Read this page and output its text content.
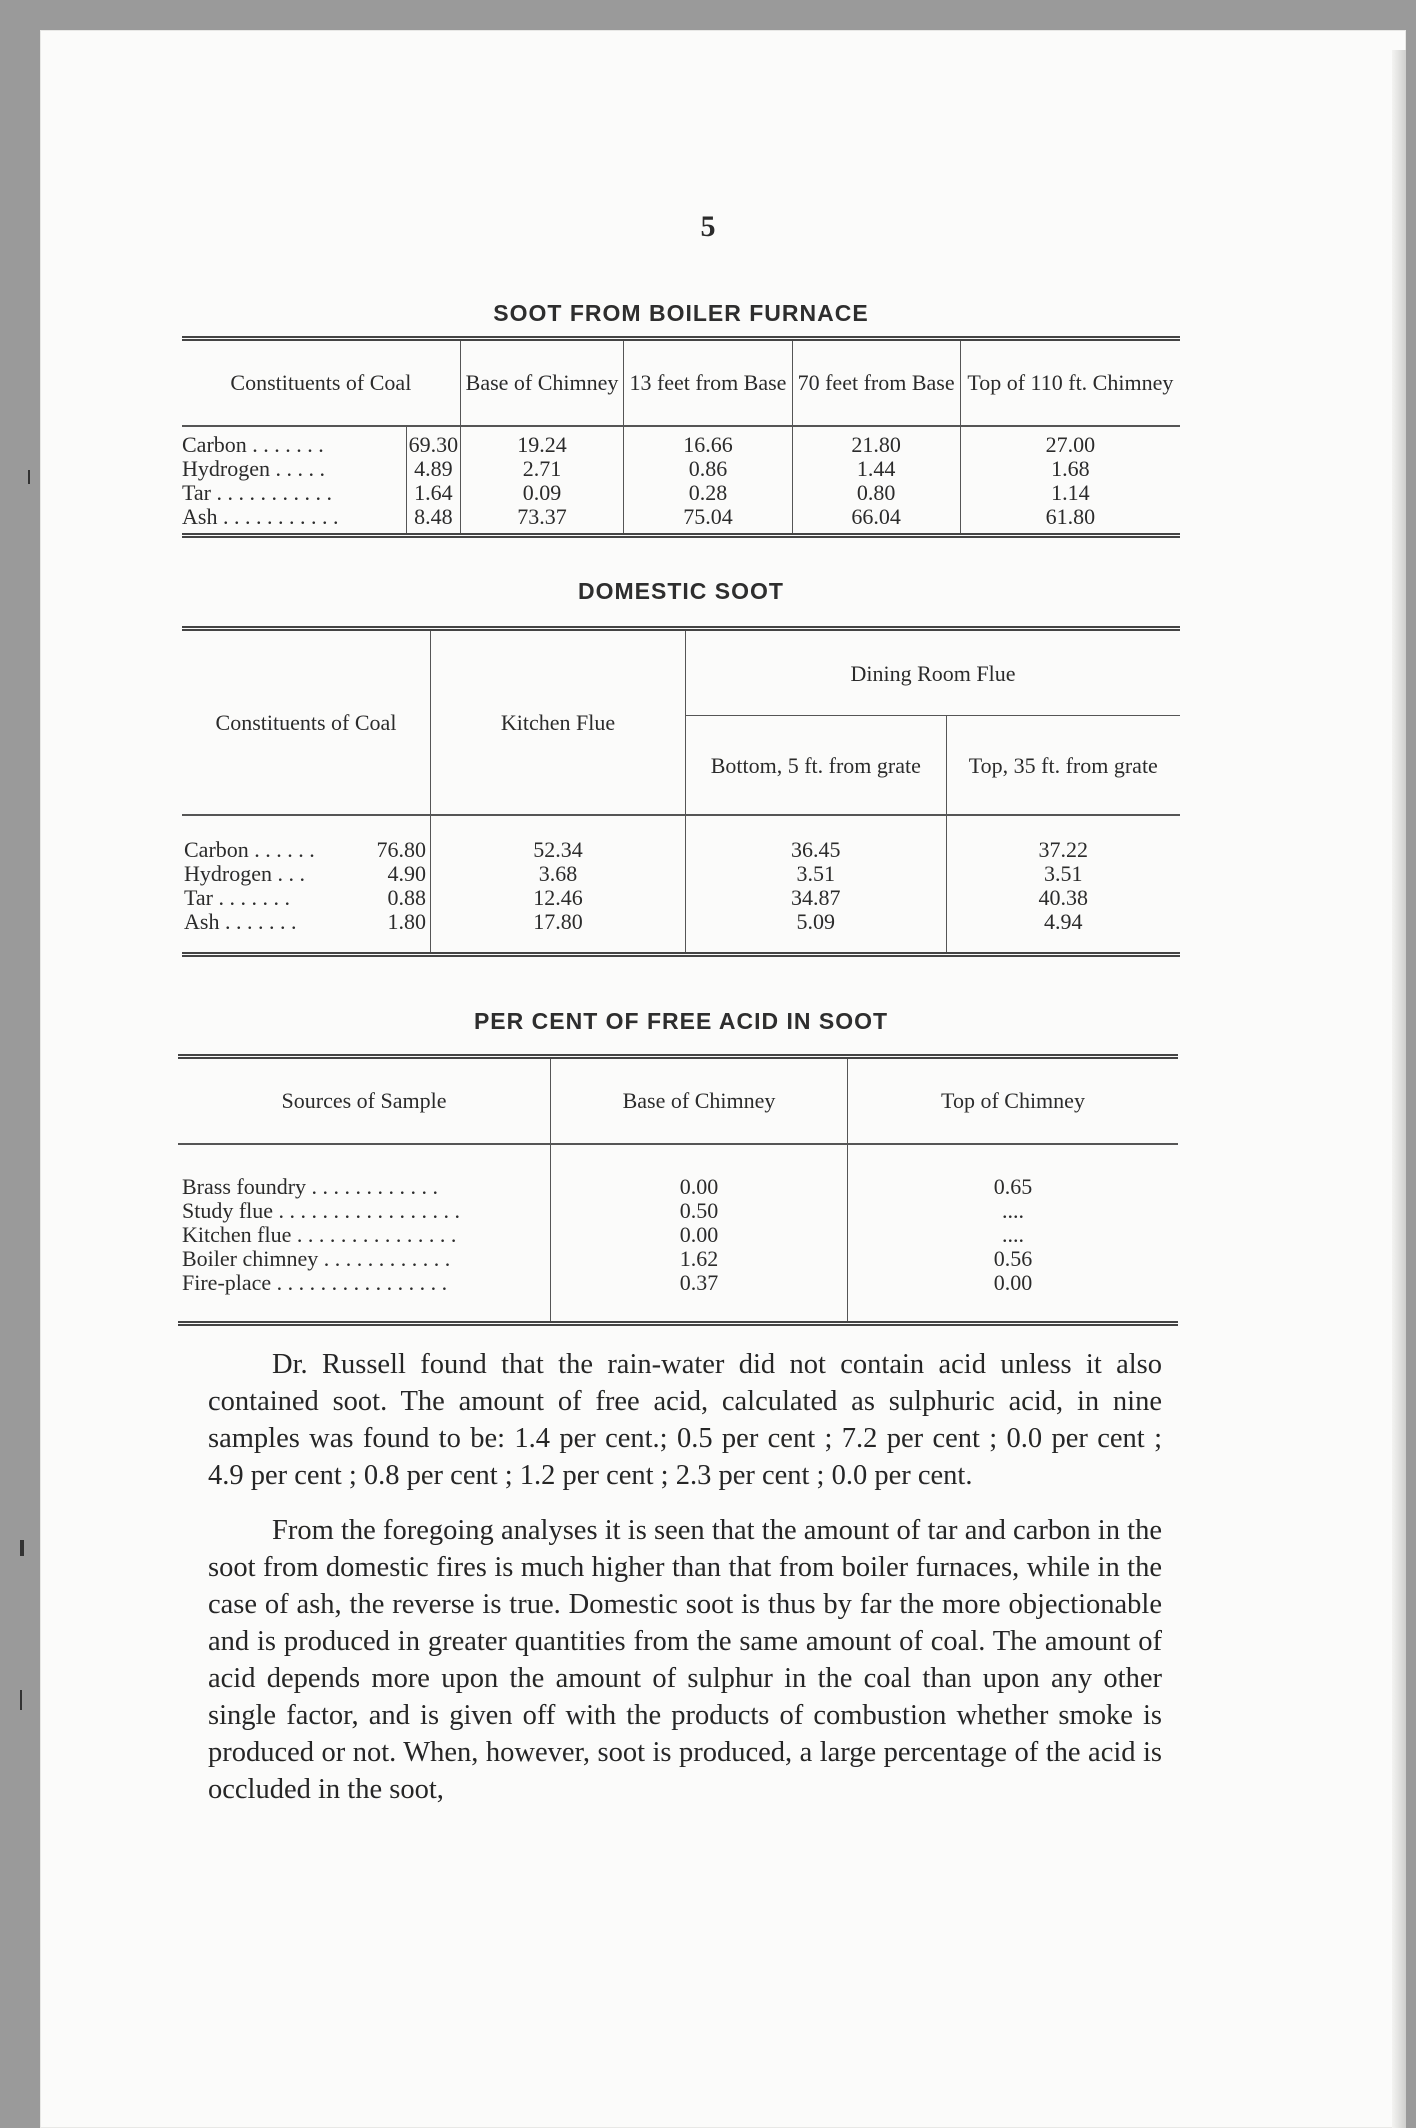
5
SOOT FROM BOILER FURNACE
Constituents of Coal		Base of Chimney	13 feet from Base	70 feet from Base	Top of 110 ft. Chimney
Carbon . . . . . . .	69.30	19.24	16.66	21.80	27.00
Hydrogen . . . . .	4.89	2.71	0.86	1.44	1.68
Tar . . . . . . . . . . .	1.64	0.09	0.28	0.80	1.14
Ash . . . . . . . . . . .	8.48	73.37	75.04	66.04	61.80
DOMESTIC SOOT
Constituents of Coal	Kitchen Flue	Dining Room Flue	
		Bottom, 5 ft. from grate	Top, 35 ft. from grate
Carbon . . . . . . 76.80	52.34	36.45	37.22
Hydrogen . . . 4.90	3.68	3.51	3.51
Tar . . . . . . . 0.88	12.46	34.87	40.38
Ash . . . . . . . 1.80	17.80	5.09	4.94
PER CENT OF FREE ACID IN SOOT
Sources of Sample	Base of Chimney	Top of Chimney
Brass foundry . . . . . . . . . . . .	0.00	0.65
Study flue . . . . . . . . . . . . . . . . .	0.50	....
Kitchen flue . . . . . . . . . . . . . . .	0.00	....
Boiler chimney . . . . . . . . . . . .	1.62	0.56
Fire-place . . . . . . . . . . . . . . . .	0.37	0.00

Dr. Russell found that the rain-water did not contain acid unless it also contained soot. The amount of free acid, calculated as sulphuric acid, in nine samples was found to be: 1.4 per cent.; 0.5 per cent ; 7.2 per cent ; 0.0 per cent ; 4.9 per cent ; 0.8 per cent ; 1.2 per cent ; 2.3 per cent ; 0.0 per cent.

From the foregoing analyses it is seen that the amount of tar and carbon in the soot from domestic fires is much higher than that from boiler furnaces, while in the case of ash, the reverse is true. Domestic soot is thus by far the more objectionable and is produced in greater quantities from the same amount of coal. The amount of acid depends more upon the amount of sulphur in the coal than upon any other single factor, and is given off with the products of combustion whether smoke is produced or not. When, however, soot is produced, a large percentage of the acid is occluded in the soot,
